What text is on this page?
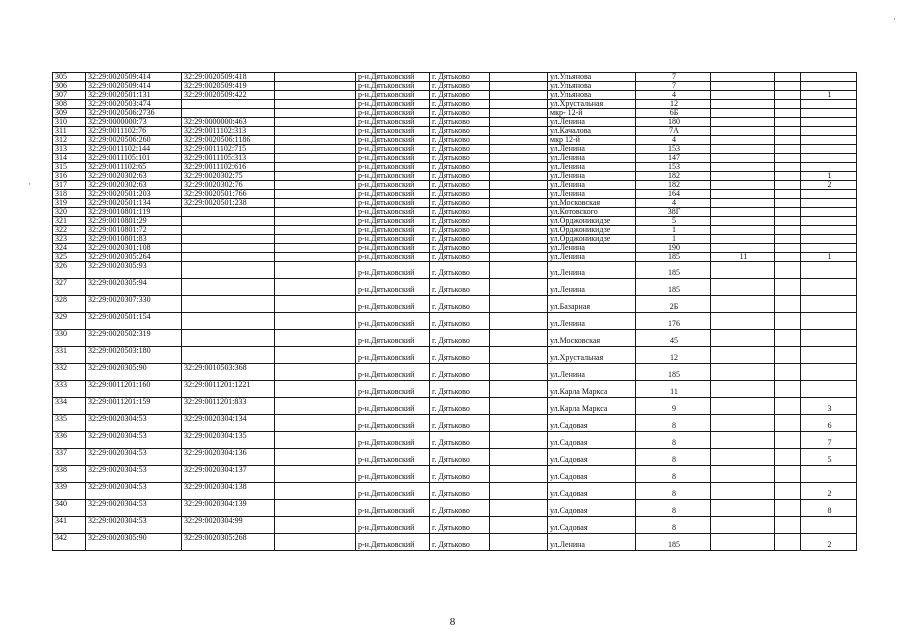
305	32:29:0020509:414	32:29:0020509:418		р-н.Дятьковский	г. Дятьково		ул.Ульянова	7			
306	32:29:0020509:414	32:29:0020509:419		р-н.Дятьковский	г. Дятьково		ул.Ульянова	7			
307	32:29:0020501:131	32:29:0020509:422		р-н.Дятьковский	г. Дятьково		ул.Ульянова	4			1
308	32:29:0020503:474			р-н.Дятьковский	г. Дятьково		ул.Хрустальная	12			
309	32:29:0020506:2736			р-н.Дятьковский	г. Дятьково		мкр- 12-й	6Б			
310	32:29:0000000:73	32:29:0000000:463		р-н.Дятьковский	г. Дятьково		ул.Ленина	180			
311	32:29:0011102:76	32:29:0011102:313		р-н.Дятьковский	г. Дятьково		ул.Качалова	7А			
312	32:29:0020506:260	32:29:0020506:1186		р-н.Дятьковский	г. Дятьково		мкр 12-й	4			
313	32:29:0011102:144	32:29:0011102:715		р-н.Дятьковский	г. Дятьково		ул.Ленина	153			
314	32:29:0011105:101	32:29:0011105:313		р-н.Дятьковский	г. Дятьково		ул.Ленина	147			
315	32:29:0011102:65	32:29:0011102:616		р-н.Дятьковский	г. Дятьково		ул.Ленина	153			
316	32:29:0020302:63	32:29:0020302:75		р-н.Дятьковский	г. Дятьково		ул.Ленина	182			1
317	32:29:0020302:63	32:29:0020302:76		р-н.Дятьковский	г. Дятьково		ул.Ленина	182			2
318	32:29:0020501:203	32:29:0020501:766		р-н.Дятьковский	г. Дятьково		ул.Ленина	164			
319	32:29:0020501:134	32:29:0020501:238		р-н.Дятьковский	г. Дятьково		ул.Московская	4			
320	32:29:0010801:119			р-н.Дятьковский	г. Дятьково		ул.Котовского	38Г			
321	32:29:0010801:29			р-н.Дятьковский	г. Дятьково		ул.Орджоникидзе	5			
322	32:29:0010801:72			р-н.Дятьковский	г. Дятьково		ул.Орджоникидзе	1			
323	32:29:0010801:83			р-н.Дятьковский	г. Дятьково		ул.Орджоникидзе	1			
324	32:29:0020301:108			р-н.Дятьковский	г. Дятьково		ул.Ленина	190			
325	32:29:0020305:264			р-н.Дятьковский	г. Дятьково		ул.Ленина	185	11		1
326	32:29:0020305:93			р-н.Дятьковский	г. Дятьково		ул.Ленина	185			
327	32:29:0020305:94			р-н.Дятьковский	г. Дятьково		ул.Ленина	185			
328	32:29:0020307:330			р-н.Дятьковский	г. Дятьково		ул.Базарная	2Б			
329	32:29:0020501:154			р-н.Дятьковский	г. Дятьково		ул.Ленина	176			
330	32:29:0020502:319			р-н.Дятьковский	г. Дятьково		ул.Московская	45			
331	32:29:0020503:180			р-н.Дятьковский	г. Дятьково		ул.Хрустальная	12			
332	32:29:0020305:90	32:29:0010503:368		р-н.Дятьковский	г. Дятьково		ул.Ленина	185			
333	32:29:0011201:160	32:29:0011201:1221		р-н.Дятьковский	г. Дятьково		ул.Карла Маркса	11			
334	32:29:0011201:159	32:29:0011201:833		р-н.Дятьковский	г. Дятьково		ул.Карла Маркса	9			3
335	32:29:0020304:53	32:29:0020304:134		р-н.Дятьковский	г. Дятьково		ул.Садовая	8			6
336	32:29:0020304:53	32:29:0020304:135		р-н.Дятьковский	г. Дятьково		ул.Садовая	8			7
337	32:29:0020304:53	32:29:0020304:136		р-н.Дятьковский	г. Дятьково		ул.Садовая	8			5
338	32:29:0020304:53	32:29:0020304:137		р-н.Дятьковский	г. Дятьково		ул.Садовая	8			
339	32:29:0020304:53	32:29:0020304:138		р-н.Дятьковский	г. Дятьково		ул.Садовая	8			2
340	32:29:0020304:53	32:29:0020304:139		р-н.Дятьковский	г. Дятьково		ул.Садовая	8			8
341	32:29:0020304:53	32:29:0020304:99		р-н.Дятьковский	г. Дятьково		ул.Садовая	8			
342	32:29:0020305:90	32:29:0020305:268		р-н.Дятьковский	г. Дятьково		ул.Ленина	185			2
8
·
·
